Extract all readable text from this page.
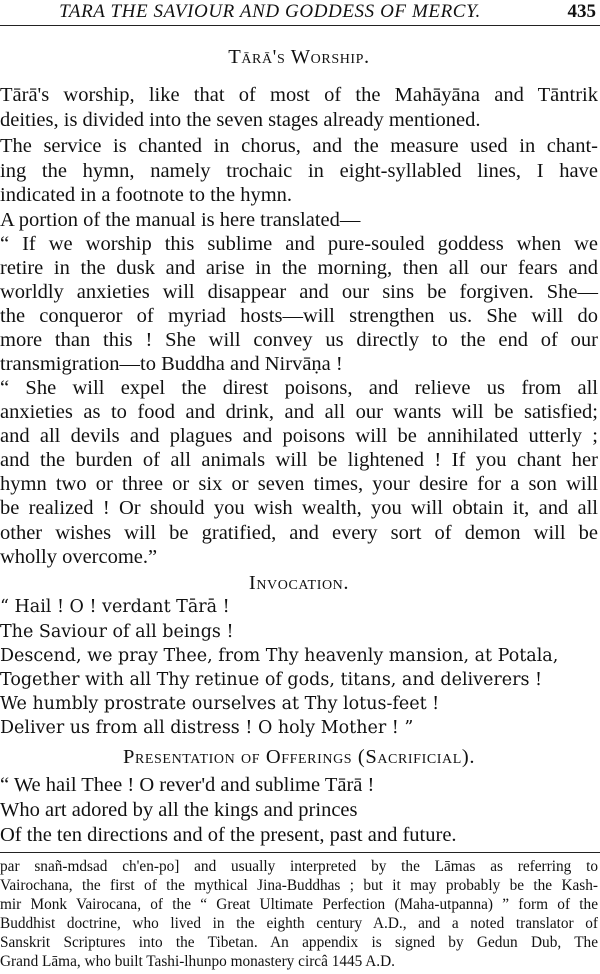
TARA THE SAVIOUR AND GODDESS OF MERCY.	435
Tārā's Worship.
Tārā's worship, like that of most of the Mahāyāna and Tāntrik
deities, is divided into the seven stages already mentioned.
The service is chanted in chorus, and the measure used in chant-
ing the hymn, namely trochaic in eight-syllabled lines, I have
indicated in a footnote to the hymn.
A portion of the manual is here translated—
“ If we worship this sublime and pure-souled goddess when we
retire in the dusk and arise in the morning, then all our fears and
worldly anxieties will disappear and our sins be forgiven. She—
the conqueror of myriad hosts—will strengthen us. She will do
more than this ! She will convey us directly to the end of our
transmigration—to Buddha and Nirvāṇa !
“ She will expel the direst poisons, and relieve us from all
anxieties as to food and drink, and all our wants will be satisfied;
and all devils and plagues and poisons will be annihilated utterly ;
and the burden of all animals will be lightened ! If you chant her
hymn two or three or six or seven times, your desire for a son will
be realized ! Or should you wish wealth, you will obtain it, and all
other wishes will be gratified, and every sort of demon will be
wholly overcome.”
Invocation.
“ Hail ! O ! verdant Tārā !
The Saviour of all beings !
Descend, we pray Thee, from Thy heavenly mansion, at Potala,
Together with all Thy retinue of gods, titans, and deliverers !
We humbly prostrate ourselves at Thy lotus-feet !
Deliver us from all distress ! O holy Mother ! ”
Presentation of Offerings (Sacrificial).
“ We hail Thee ! O rever'd and sublime Tārā !
Who art adored by all the kings and princes
Of the ten directions and of the present, past and future.
par snañ-mdsad ch'en-po] and usually interpreted by the Lāmas as referring to
Vairochana, the first of the mythical Jina-Buddhas ; but it may probably be the Kash-
mir Monk Vairocana, of the “ Great Ultimate Perfection (Maha-utpanna) ” form of the
Buddhist doctrine, who lived in the eighth century A.D., and a noted translator of
Sanskrit Scriptures into the Tibetan. An appendix is signed by Gedun Dub, The
Grand Lāma, who built Tashi-lhunpo monastery circâ 1445 A.D.
